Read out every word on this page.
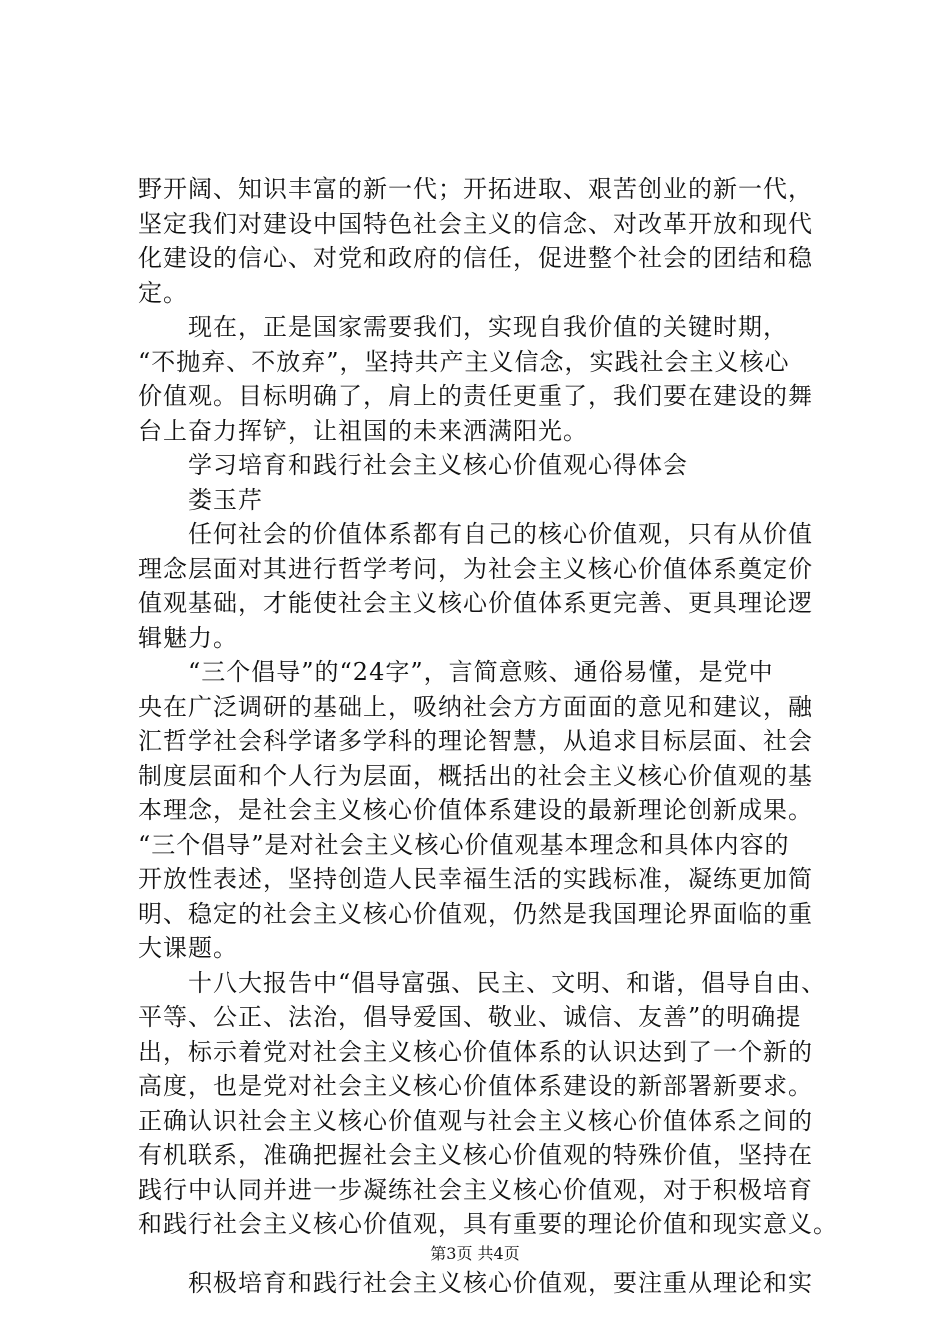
野开阔、知识丰富的新一代；开拓进取、艰苦创业的新一代，
坚定我们对建设中国特色社会主义的信念、对改革开放和现代
化建设的信心、对党和政府的信任，促进整个社会的团结和稳
定。
　　现在，正是国家需要我们，实现自我价值的关键时期，
“不抛弃、不放弃”，坚持共产主义信念，实践社会主义核心
价值观。目标明确了，肩上的责任更重了，我们要在建设的舞
台上奋力挥铲，让祖国的未来洒满阳光。
　　学习培育和践行社会主义核心价值观心得体会
　　娄玉芹
　　任何社会的价值体系都有自己的核心价值观，只有从价值
理念层面对其进行哲学考问，为社会主义核心价值体系奠定价
值观基础，才能使社会主义核心价值体系更完善、更具理论逻
辑魅力。
　　“三个倡导”的“24字”，言简意赅、通俗易懂，是党中
央在广泛调研的基础上，吸纳社会方方面面的意见和建议，融
汇哲学社会科学诸多学科的理论智慧，从追求目标层面、社会
制度层面和个人行为层面，概括出的社会主义核心价值观的基
本理念，是社会主义核心价值体系建设的最新理论创新成果。
“三个倡导”是对社会主义核心价值观基本理念和具体内容的
开放性表述，坚持创造人民幸福生活的实践标准，凝练更加简
明、稳定的社会主义核心价值观，仍然是我国理论界面临的重
大课题。
　　十八大报告中“倡导富强、民主、文明、和谐，倡导自由、
平等、公正、法治，倡导爱国、敬业、诚信、友善”的明确提
出，标示着党对社会主义核心价值体系的认识达到了一个新的
高度，也是党对社会主义核心价值体系建设的新部署新要求。
正确认识社会主义核心价值观与社会主义核心价值体系之间的
有机联系，准确把握社会主义核心价值观的特殊价值，坚持在
践行中认同并进一步凝练社会主义核心价值观，对于积极培育
和践行社会主义核心价值观，具有重要的理论价值和现实意义。
　　积极培育和践行社会主义核心价值观，要注重从理论和实
第3页 共4页
